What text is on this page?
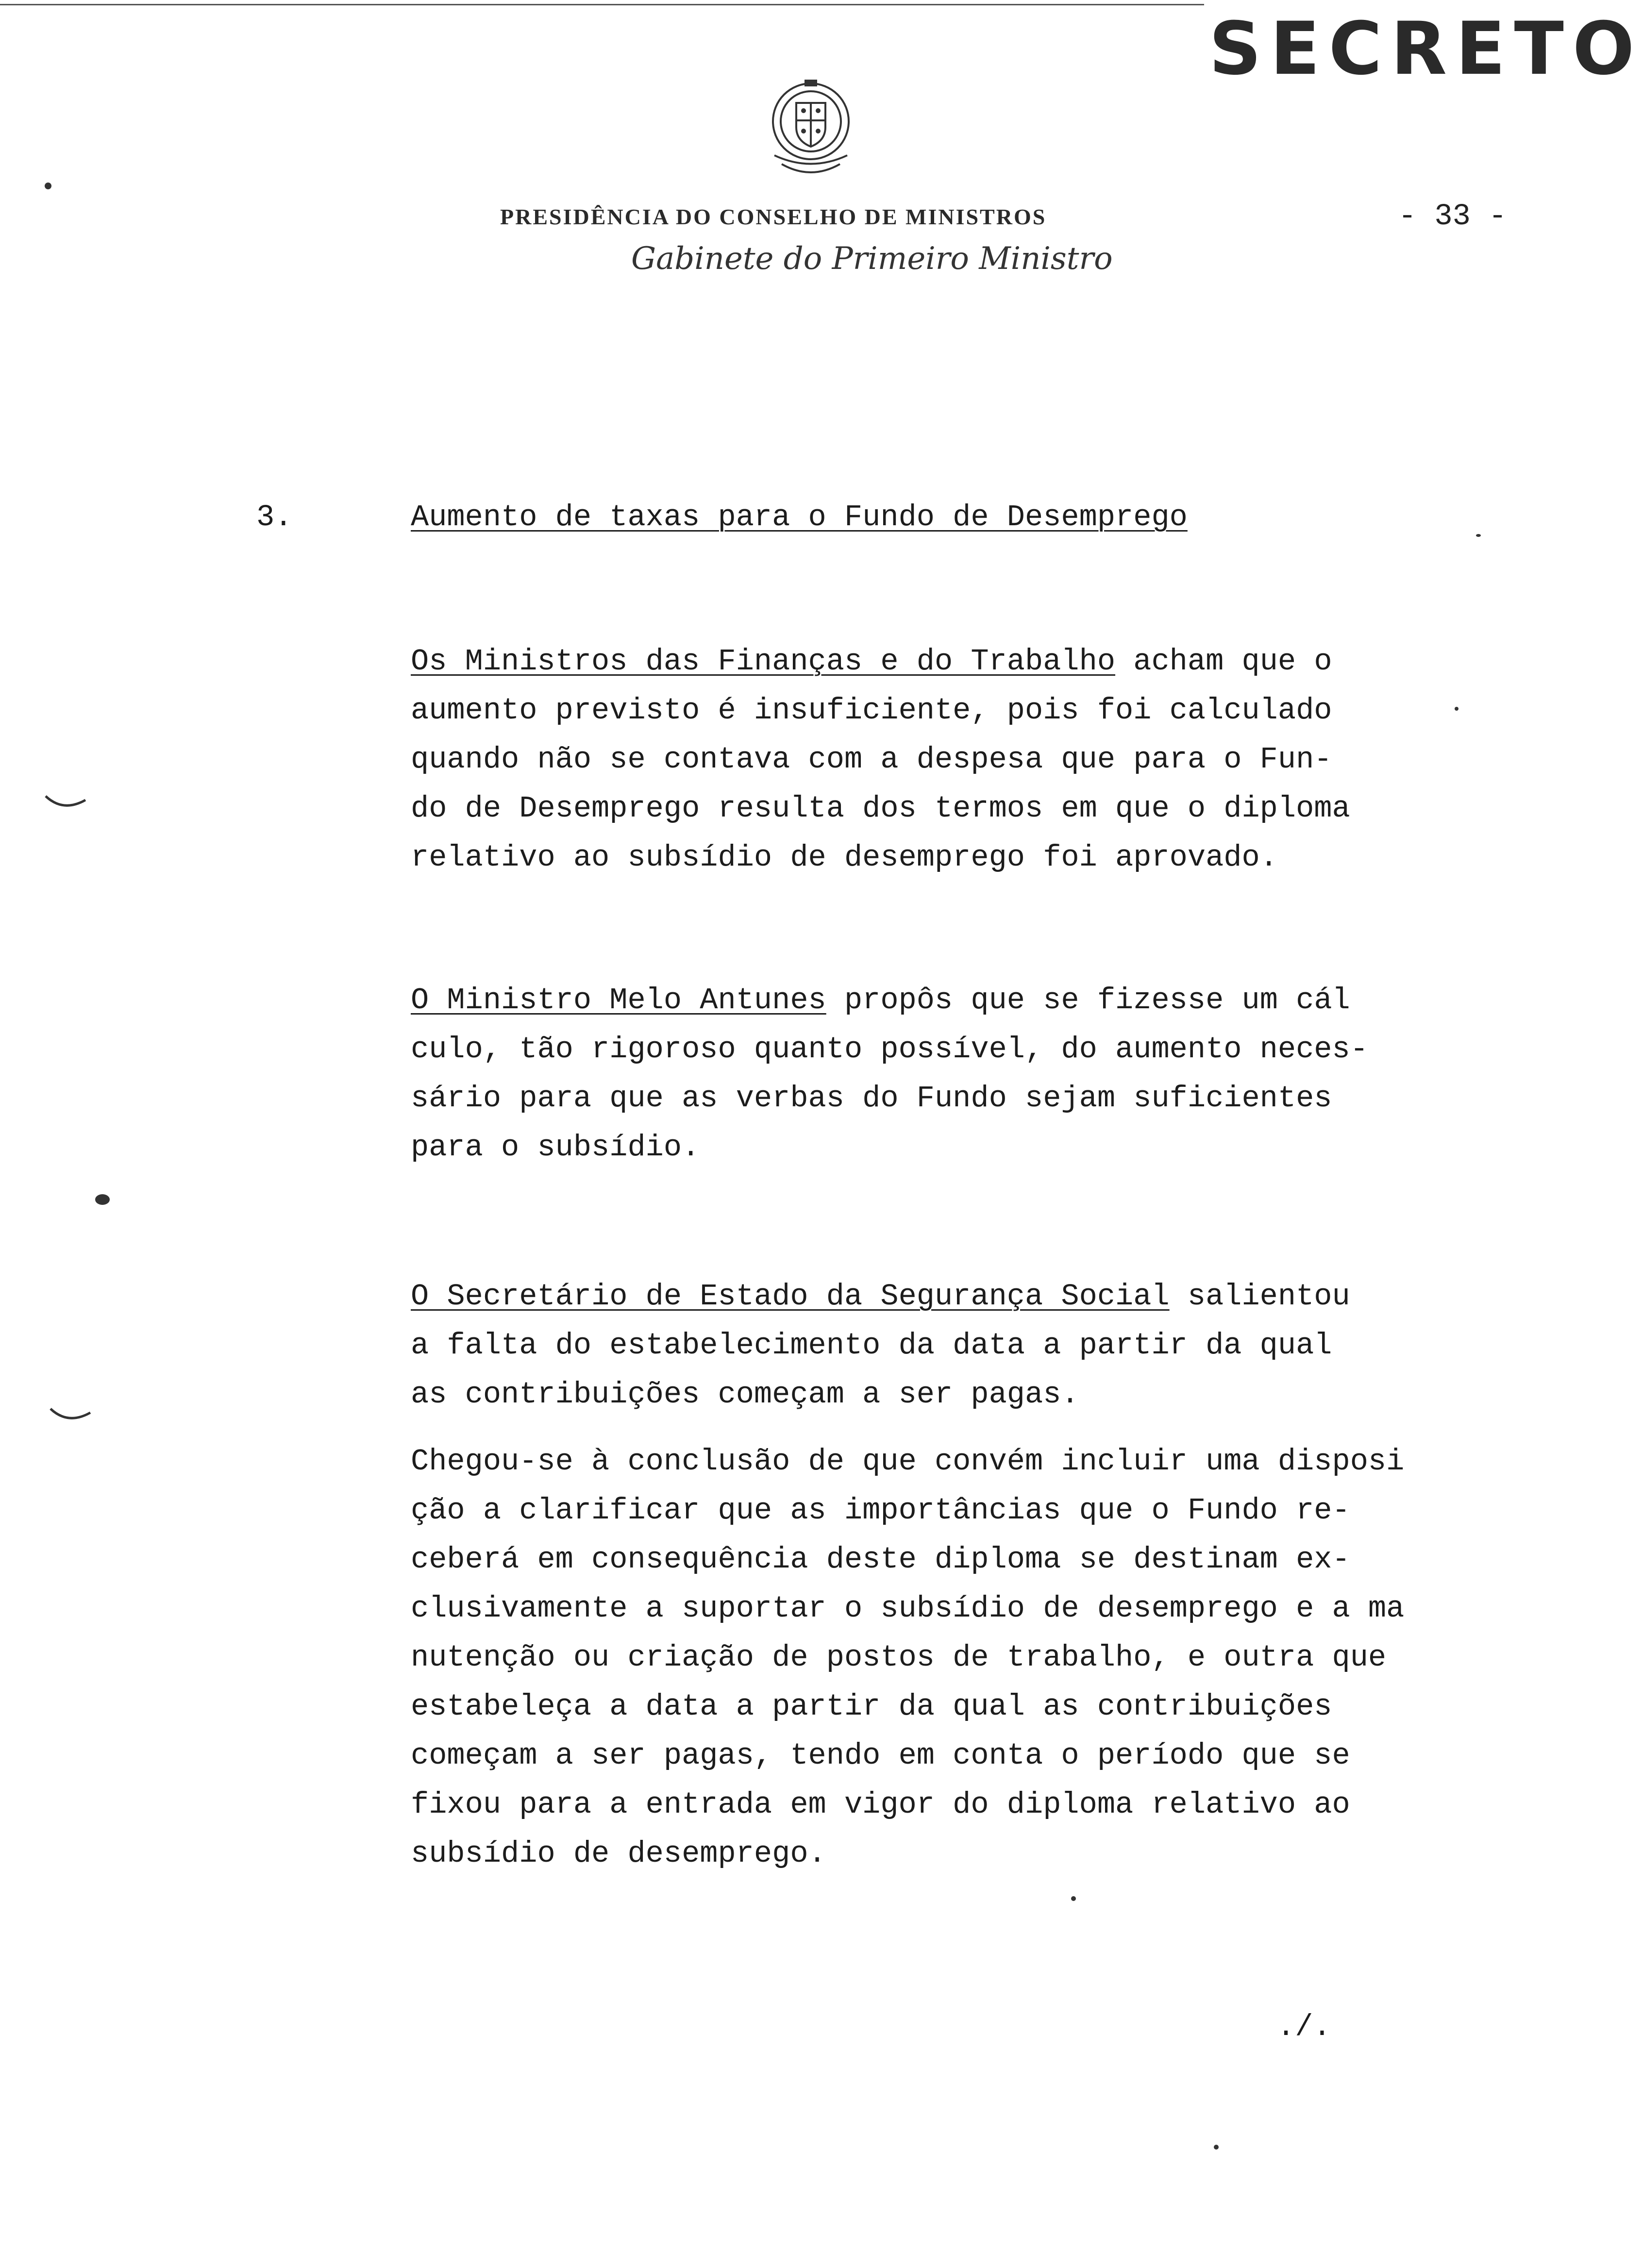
SECRETO
PRESIDÊNCIA DO CONSELHO DE MINISTROS
Gabinete do Primeiro Ministro
- 33 -
3.	Aumento de taxas para o Fundo de Desemprego
Os Ministros das Finanças e do Trabalho acham que o
aumento previsto é insuficiente, pois foi calculado
quando não se contava com a despesa que para o Fun-
do de Desemprego resulta dos termos em que o diploma
relativo ao subsídio de desemprego foi aprovado.
O Ministro Melo Antunes propôs que se fizesse um cál
culo, tão rigoroso quanto possível, do aumento neces-
sário para que as verbas do Fundo sejam suficientes
para o subsídio.
O Secretário de Estado da Segurança Social salientou
a falta do estabelecimento da data a partir da qual
as contribuições começam a ser pagas.
Chegou-se à conclusão de que convém incluir uma disposi
ção a clarificar que as importâncias que o Fundo re-
ceberá em consequência deste diploma se destinam ex-
clusivamente a suportar o subsídio de desemprego e a ma
nutenção ou criação de postos de trabalho, e outra que
estabeleça a data a partir da qual as contribuições
começam a ser pagas, tendo em conta o período que se
fixou para a entrada em vigor do diploma relativo ao
subsídio de desemprego.
./.
